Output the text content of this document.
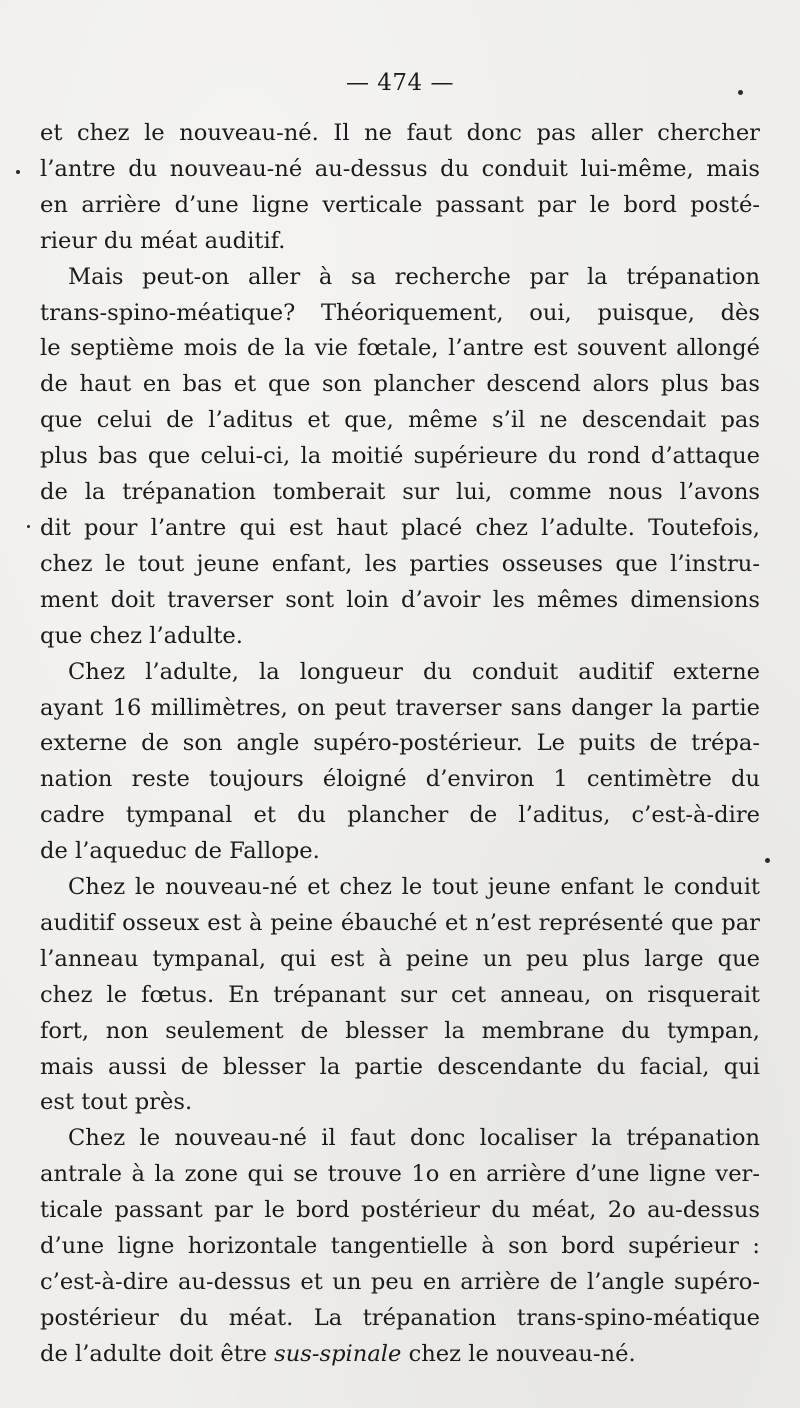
— 474 —
et chez le nouveau-né. Il ne faut donc pas aller chercher
l’antre du nouveau-né au-dessus du conduit lui-même, mais
en arrière d’une ligne verticale passant par le bord posté-
rieur du méat auditif.
Mais peut-on aller à sa recherche par la trépanation
trans-spino-méatique? Théoriquement, oui, puisque, dès
le septième mois de la vie fœtale, l’antre est souvent allongé
de haut en bas et que son plancher descend alors plus bas
que celui de l’aditus et que, même s’il ne descendait pas
plus bas que celui-ci, la moitié supérieure du rond d’attaque
de la trépanation tomberait sur lui, comme nous l’avons
dit pour l’antre qui est haut placé chez l’adulte. Toutefois,
chez le tout jeune enfant, les parties osseuses que l’instru-
ment doit traverser sont loin d’avoir les mêmes dimensions
que chez l’adulte.
Chez l’adulte, la longueur du conduit auditif externe
ayant 16 millimètres, on peut traverser sans danger la partie
externe de son angle supéro-postérieur. Le puits de trépa-
nation reste toujours éloigné d’environ 1 centimètre du
cadre tympanal et du plancher de l’aditus, c’est-à-dire
de l’aqueduc de Fallope.
Chez le nouveau-né et chez le tout jeune enfant le conduit
auditif osseux est à peine ébauché et n’est représenté que par
l’anneau tympanal, qui est à peine un peu plus large que
chez le fœtus. En trépanant sur cet anneau, on risquerait
fort, non seulement de blesser la membrane du tympan,
mais aussi de blesser la partie descendante du facial, qui
est tout près.
Chez le nouveau-né il faut donc localiser la trépanation
antrale à la zone qui se trouve 1o en arrière d’une ligne ver-
ticale passant par le bord postérieur du méat, 2o au-dessus
d’une ligne horizontale tangentielle à son bord supérieur :
c’est-à-dire au-dessus et un peu en arrière de l’angle supéro-
postérieur du méat. La trépanation trans-spino-méatique
de l’adulte doit être sus-spinale chez le nouveau-né.
